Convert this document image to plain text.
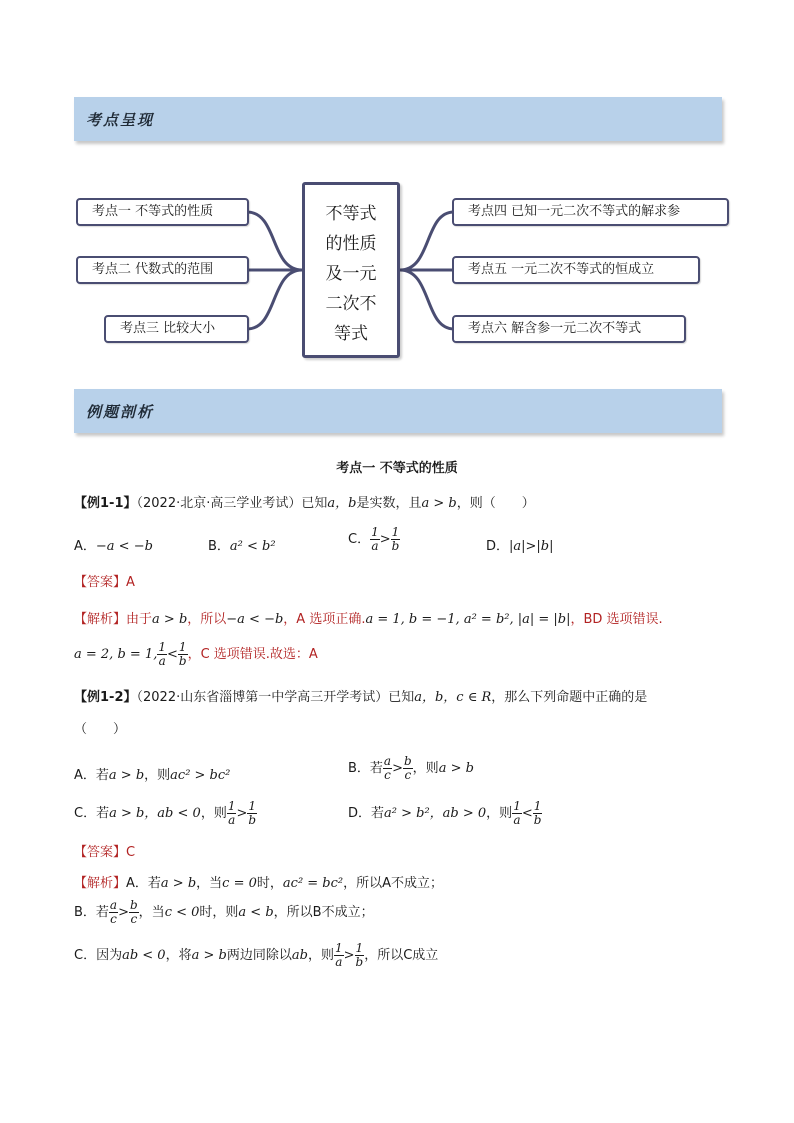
考点呈现
考点一 不等式的性质
考点二 代数式的范围
考点三 比较大小
不等式
的性质
及一元
二次不
等式
考点四 已知一元二次不等式的解求参
考点五 一元二次不等式的恒成立
考点六 解含参一元二次不等式
例题剖析
考点一 不等式的性质
【例1-1】（2022·北京·高三学业考试）已知a，b是实数，且a > b，则（　　）
A．−a < −b	B．a² < b²	C． $\frac{1}{a} > \frac{1}{b}$	D．|a|>|b|
【答案】A
【解析】由于a > b，所以−a < −b，A 选项正确.a = 1, b = −1, a² = b², |a| = |b|，BD 选项错误.
a = 2, b = 1, $\frac{1}{a} < \frac{1}{b}$ ，C 选项错误.故选：A
【例1-2】（2022·山东省淄博第一中学高三开学考试）已知a，b，c ∈ R，那么下列命题中正确的是
（　　）
A．若a > b，则ac² > bc²	B．若 $\frac{a}{c} > \frac{b}{c}$ ，则a > b
C．若a > b，ab < 0，则 $\frac{1}{a} > \frac{1}{b}$	D．若a² > b²，ab > 0，则 $\frac{1}{a} < \frac{1}{b}$
【答案】C
【解析】A．若a > b，当c = 0时，ac² = bc²，所以A不成立；
B．若 $\frac{a}{c} > \frac{b}{c}$ ，当c < 0时，则a < b，所以B不成立；
C．因为ab < 0，将a > b两边同除以ab，则 $\frac{1}{a} > \frac{1}{b}$ ，所以C成立
